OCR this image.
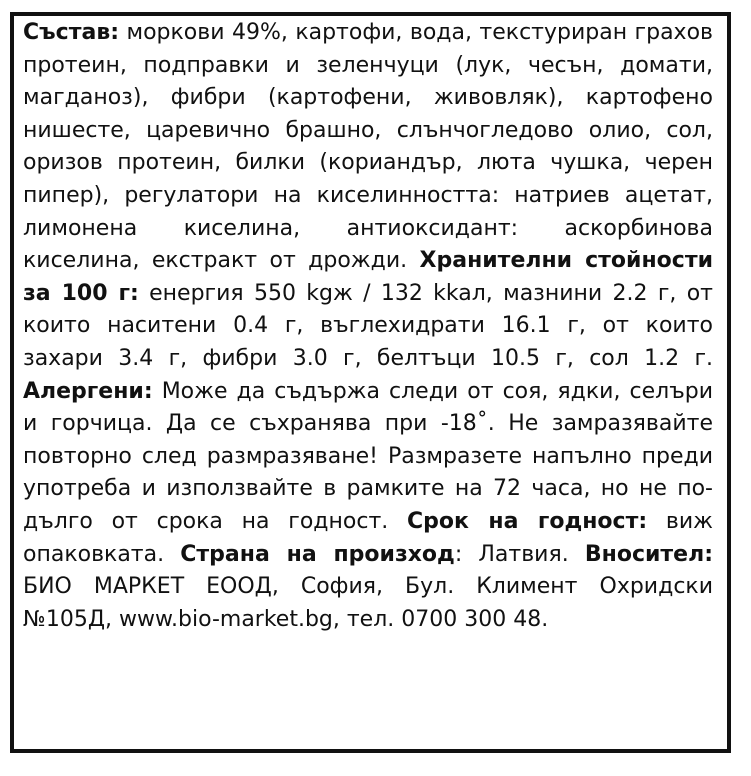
Състав: моркови 49%, картофи, вода, текстуриран грахов протеин, подправки и зеленчуци (лук, чесън, домати, магданоз), фибри (картофени, живовляк), картофено нишесте, царевично брашно, слънчогледово олио, сол, оризов протеин, билки (кориандър, люта чушка, черен пипер), регулатори на киселинността: натриев ацетат, лимонена киселина, антиоксидант: аскорбинова киселина, екстракт от дрожди. Хранителни стойности за 100 г: енергия 550 kgж / 132 kkaл, мазнини 2.2 г, от които наситени 0.4 г, въглехидрати 16.1 г, от които захари 3.4 г, фибри 3.0 г, белтъци 10.5 г, сол 1.2 г. Алергени: Може да съдържа следи от соя, ядки, селъри и горчица. Да се съхранява при -18˚. Не замразявайте повторно след размразяване! Размразете напълно преди употреба и използвайте в рамките на 72 часа, но не по-дълго от срока на годност. Срок на годност: виж опаковката. Страна на произход: Латвия. Вносител: БИО МАРКЕТ ЕООД, София, Бул. Климент Охридски №105Д, www.bio-market.bg, тел. 0700 300 48.
